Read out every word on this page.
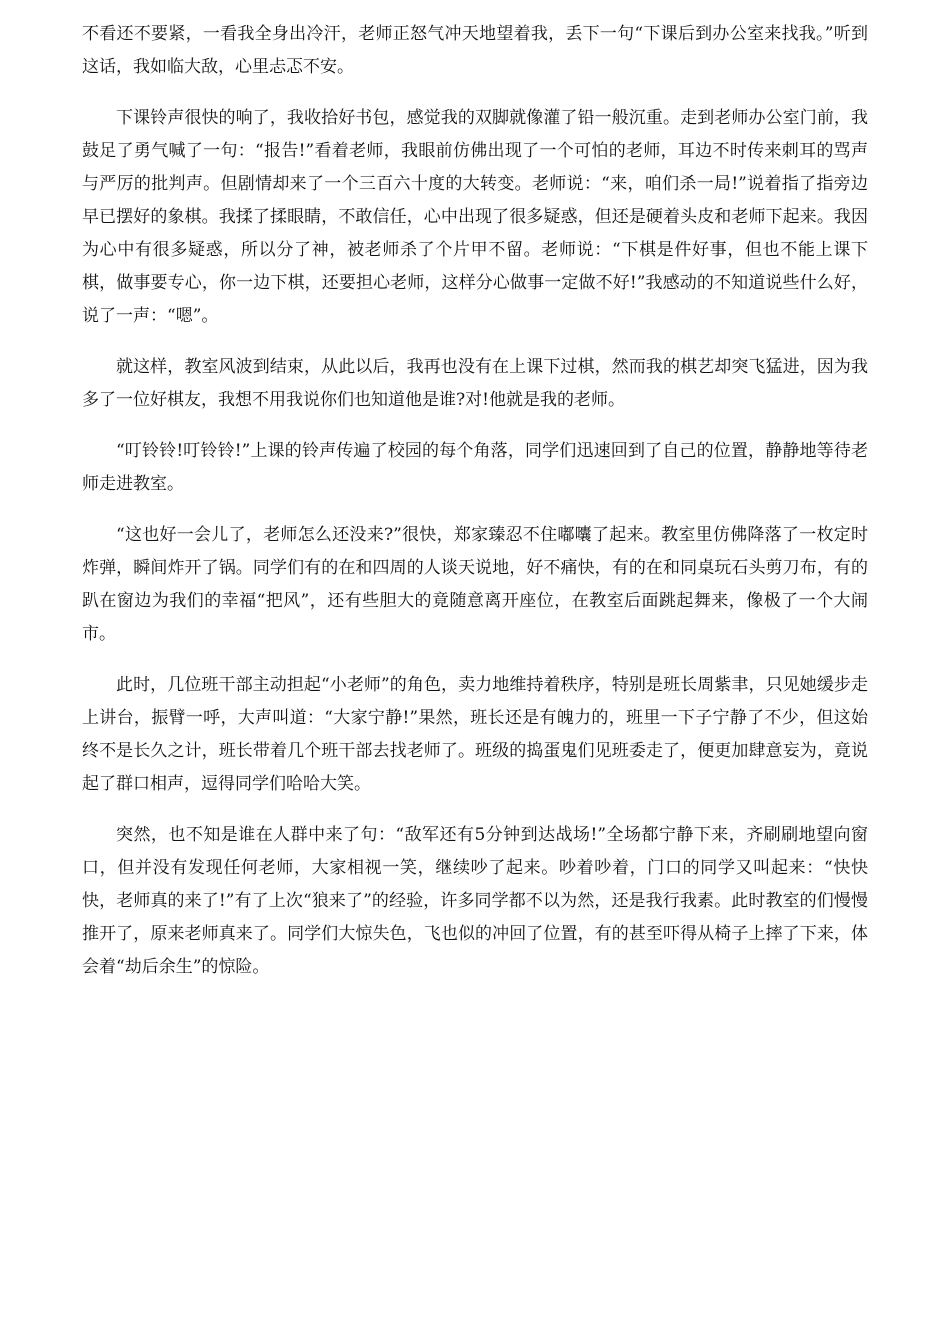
不看还不要紧，一看我全身出冷汗，老师正怒气冲天地望着我，丢下一句“下课后到办公室来找我。”听到这话，我如临大敌，心里忐忑不安。

下课铃声很快的响了，我收拾好书包，感觉我的双脚就像灌了铅一般沉重。走到老师办公室门前，我鼓足了勇气喊了一句：“报告!”看着老师，我眼前仿佛出现了一个可怕的老师，耳边不时传来刺耳的骂声与严厉的批判声。但剧情却来了一个三百六十度的大转变。老师说：“来，咱们杀一局!”说着指了指旁边早已摆好的象棋。我揉了揉眼睛，不敢信任，心中出现了很多疑惑，但还是硬着头皮和老师下起来。我因为心中有很多疑惑，所以分了神，被老师杀了个片甲不留。老师说：“下棋是件好事，但也不能上课下棋，做事要专心，你一边下棋，还要担心老师，这样分心做事一定做不好!”我感动的不知道说些什么好，说了一声：“嗯”。

就这样，教室风波到结束，从此以后，我再也没有在上课下过棋，然而我的棋艺却突飞猛进，因为我多了一位好棋友，我想不用我说你们也知道他是谁?对!他就是我的老师。

“叮铃铃!叮铃铃!”上课的铃声传遍了校园的每个角落，同学们迅速回到了自己的位置，静静地等待老师走进教室。

“这也好一会儿了，老师怎么还没来?”很快，郑家臻忍不住嘟囔了起来。教室里仿佛降落了一枚定时炸弹，瞬间炸开了锅。同学们有的在和四周的人谈天说地，好不痛快，有的在和同桌玩石头剪刀布，有的趴在窗边为我们的幸福“把风”，还有些胆大的竟随意离开座位，在教室后面跳起舞来，像极了一个大闹市。

此时，几位班干部主动担起“小老师”的角色，卖力地维持着秩序，特别是班长周紫聿，只见她缓步走上讲台，振臂一呼，大声叫道：“大家宁静!”果然，班长还是有魄力的，班里一下子宁静了不少，但这始终不是长久之计，班长带着几个班干部去找老师了。班级的捣蛋鬼们见班委走了，便更加肆意妄为，竟说起了群口相声，逗得同学们哈哈大笑。

突然，也不知是谁在人群中来了句：“敌军还有5分钟到达战场!”全场都宁静下来，齐刷刷地望向窗口，但并没有发现任何老师，大家相视一笑，继续吵了起来。吵着吵着，门口的同学又叫起来：“快快快，老师真的来了!”有了上次“狼来了”的经验，许多同学都不以为然，还是我行我素。此时教室的们慢慢推开了，原来老师真来了。同学们大惊失色，飞也似的冲回了位置，有的甚至吓得从椅子上摔了下来，体会着“劫后余生”的惊险。
